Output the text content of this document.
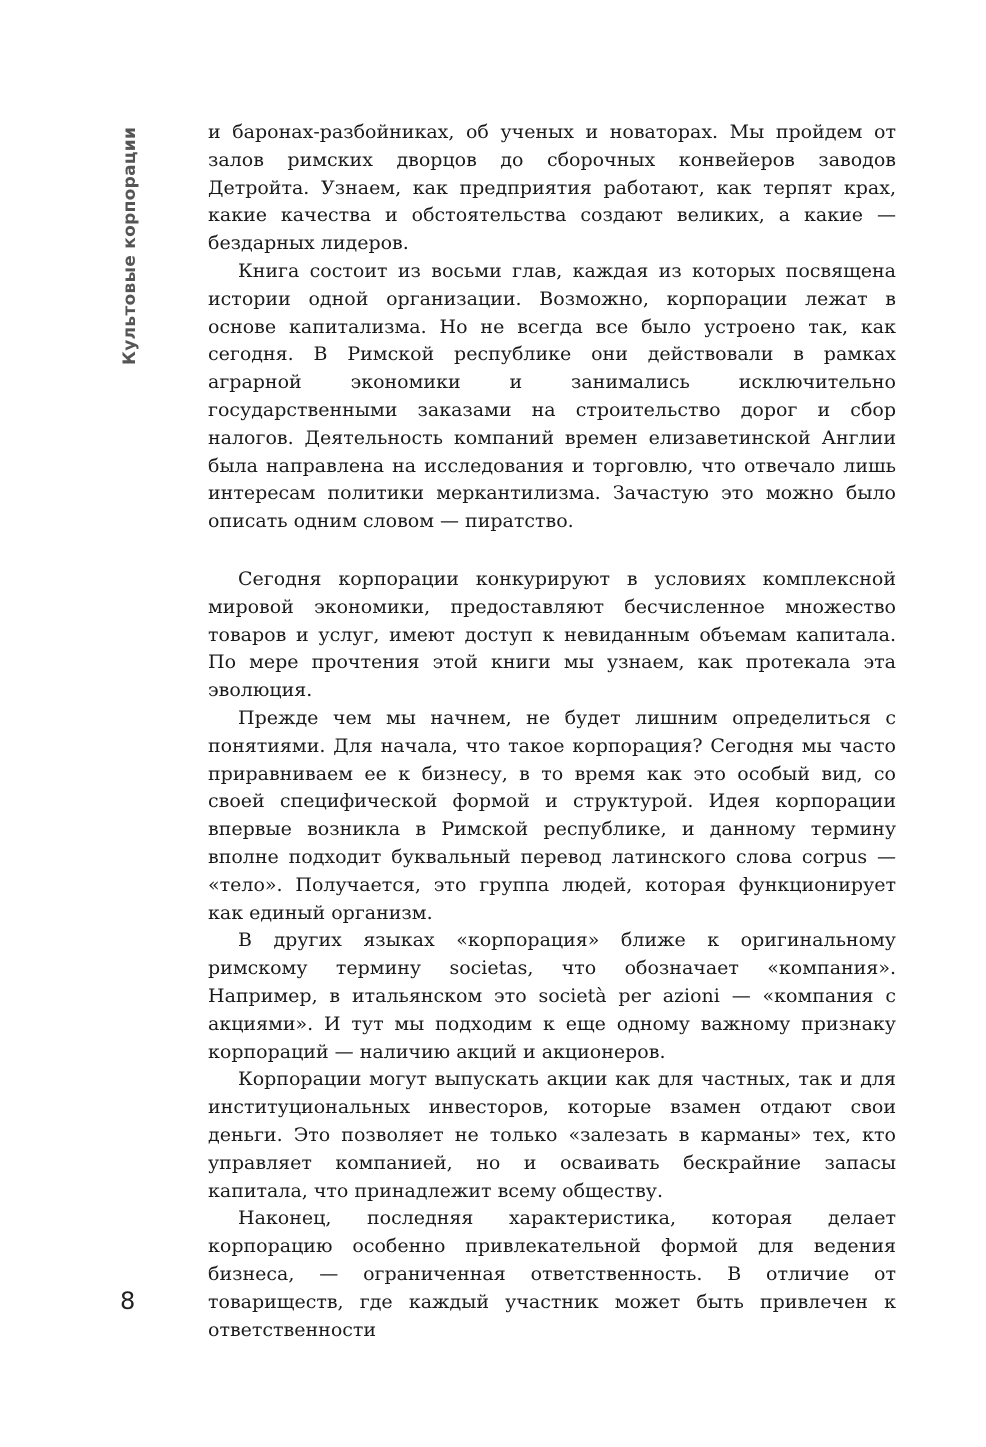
Культовые корпорации	и баронах-разбойниках, об ученых и новаторах. Мы пройдем от залов римских дворцов до сборочных конвейеров заводов Детройта. Узнаем, как предприятия работают, как терпят крах, какие качества и обстоятельства создают великих, а какие — бездарных лидеров.

Книга состоит из восьми глав, каждая из которых посвящена истории одной организации. Возможно, корпорации лежат в основе капитализма. Но не всегда все было устроено так, как сегодня. В Римской республике они действовали в рамках аграрной экономики и занимались исключительно государственными заказами на строительство дорог и сбор налогов. Деятельность компаний времен елизаветинской Англии была направлена на исследования и торговлю, что отвечало лишь интересам политики меркантилизма. Зачастую это можно было описать одним словом — пиратство.

Сегодня корпорации конкурируют в условиях комплексной мировой экономики, предоставляют бесчисленное множество товаров и услуг, имеют доступ к невиданным объемам капитала. По мере прочтения этой книги мы узнаем, как протекала эта эволюция.

Прежде чем мы начнем, не будет лишним определиться с понятиями. Для начала, что такое корпорация? Сегодня мы часто приравниваем ее к бизнесу, в то время как это особый вид, со своей специфической формой и структурой. Идея корпорации впервые возникла в Римской республике, и данному термину вполне подходит буквальный перевод латинского слова corpus — «тело». Получается, это группа людей, которая функционирует как единый организм.

В других языках «корпорация» ближе к оригинальному римскому термину societas, что обозначает «компания». Например, в итальянском это società per azioni — «компания с акциями». И тут мы подходим к еще одному важному признаку корпораций — наличию акций и акционеров.

Корпорации могут выпускать акции как для частных, так и для институциональных инвесторов, которые взамен отдают свои деньги. Это позволяет не только «залезать в карманы» тех, кто управляет компанией, но и осваивать бескрайние запасы капитала, что принадлежит всему обществу.

Наконец, последняя характеристика, которая делает корпорацию особенно привлекательной формой для ведения бизнеса, — ограниченная ответственность. В отличие от товариществ, где каждый участник может быть привлечен к ответственности

8
